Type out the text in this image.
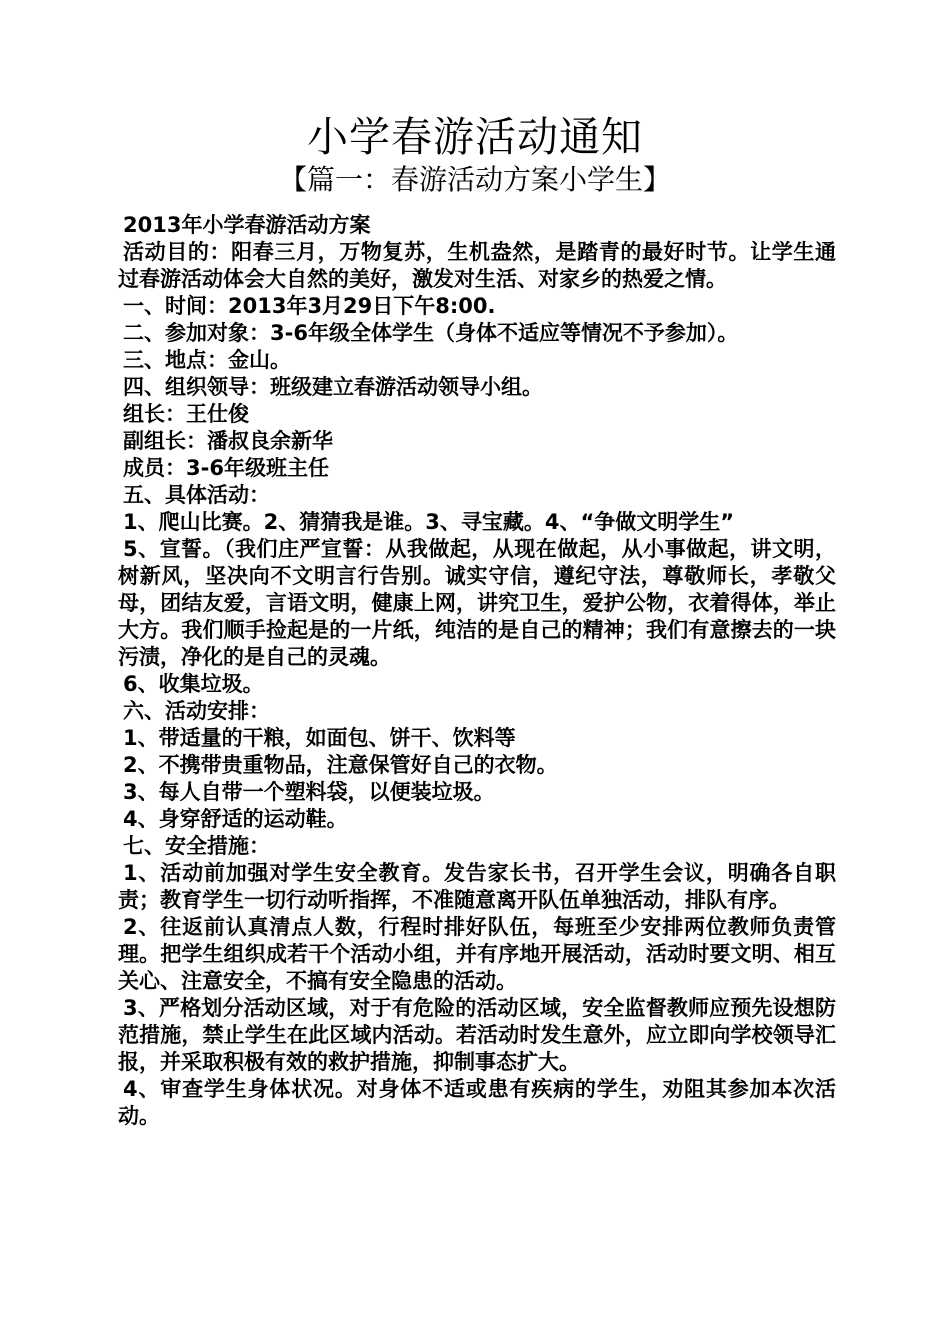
小学春游活动通知
【篇一：春游活动方案小学生】

2013年小学春游活动方案

活动目的：阳春三月，万物复苏，生机盎然，是踏青的最好时节。让学生通过春游活动体会大自然的美好，激发对生活、对家乡的热爱之情。

一、时间：2013年3月29日下午8:00.

二、参加对象：3-6年级全体学生（身体不适应等情况不予参加）。

三、地点：金山。

四、组织领导：班级建立春游活动领导小组。

组长：王仕俊

副组长：潘叔良余新华

成员：3-6年级班主任

五、具体活动：

1、爬山比赛。2、猜猜我是谁。3、寻宝藏。4、“争做文明学生”

5、宣誓。（我们庄严宣誓：从我做起，从现在做起，从小事做起，讲文明，树新风，坚决向不文明言行告别。诚实守信，遵纪守法，尊敬师长，孝敬父母，团结友爱，言语文明，健康上网，讲究卫生，爱护公物，衣着得体，举止大方。我们顺手捡起是的一片纸，纯洁的是自己的精神；我们有意擦去的一块污渍，净化的是自己的灵魂。

6、收集垃圾。

六、活动安排：

1、带适量的干粮，如面包、饼干、饮料等

2、不携带贵重物品，注意保管好自己的衣物。

3、每人自带一个塑料袋，以便装垃圾。

4、身穿舒适的运动鞋。

七、安全措施：

1、活动前加强对学生安全教育。发告家长书，召开学生会议，明确各自职责；教育学生一切行动听指挥，不准随意离开队伍单独活动，排队有序。

2、往返前认真清点人数，行程时排好队伍，每班至少安排两位教师负责管理。把学生组织成若干个活动小组，并有序地开展活动，活动时要文明、相互关心、注意安全，不搞有安全隐患的活动。

3、严格划分活动区域，对于有危险的活动区域，安全监督教师应预先设想防范措施，禁止学生在此区域内活动。若活动时发生意外，应立即向学校领导汇报，并采取积极有效的救护措施，抑制事态扩大。

4、审查学生身体状况。对身体不适或患有疾病的学生，劝阻其参加本次活动。
